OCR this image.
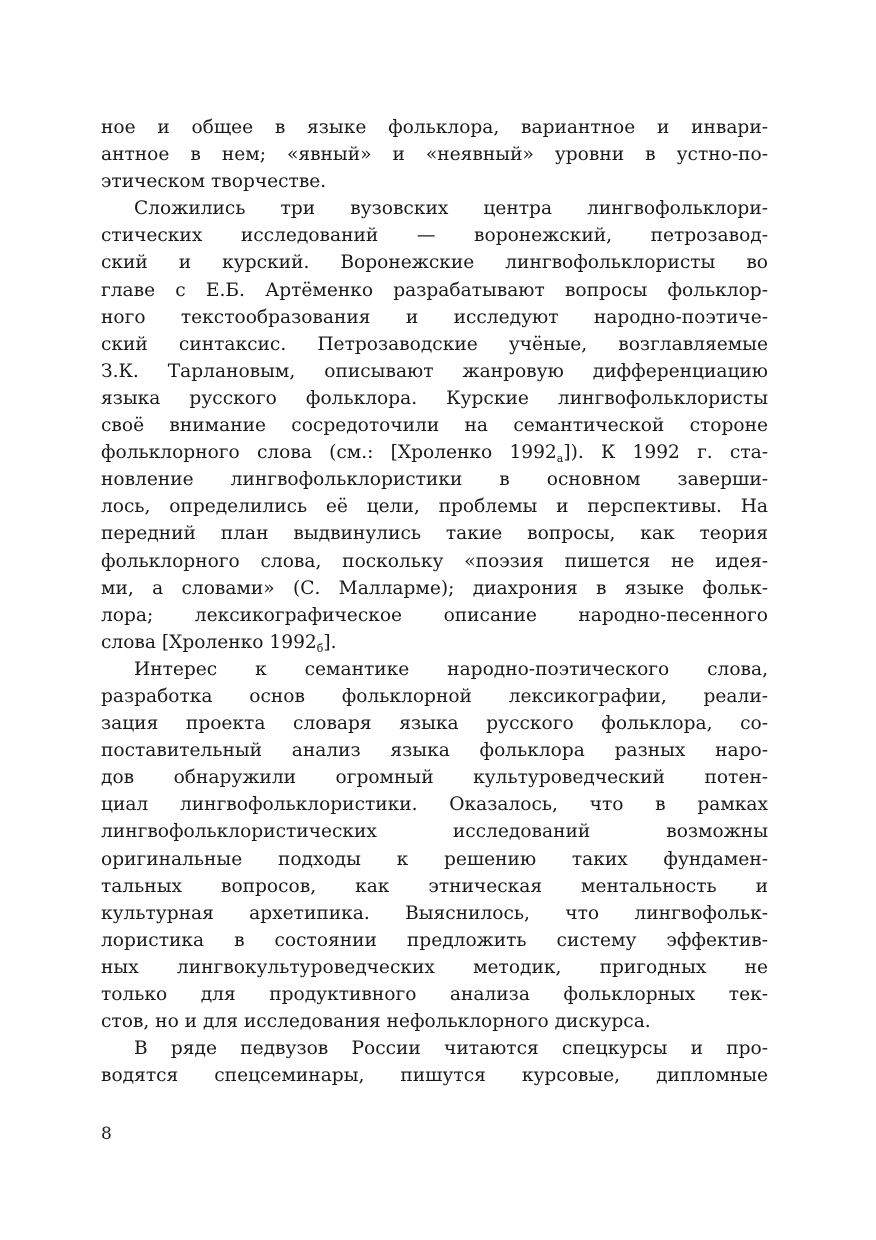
ное и общее в языке фольклора, вариантное и инвари-
антное в нем; «явный» и «неявный» уровни в устно-по-
этическом творчестве.
Сложились три вузовских центра лингвофольклори-
стических исследований — воронежский, петрозавод-
ский и курский. Воронежские лингвофольклористы во
главе с Е.Б. Артёменко разрабатывают вопросы фольклор-
ного текстообразования и исследуют народно-поэтиче-
ский синтаксис. Петрозаводские учёные, возглавляемые
З.К. Тарлановым, описывают жанровую дифференциацию
языка русского фольклора. Курские лингвофольклористы
своё внимание сосредоточили на семантической стороне
фольклорного слова (см.: [Хроленко $1992_а$]). К 1992 г. ста-
новление лингвофольклористики в основном заверши-
лось, определились её цели, проблемы и перспективы. На
передний план выдвинулись такие вопросы, как теория
фольклорного слова, поскольку «поэзия пишется не идея-
ми, а словами» (С. Малларме); диахрония в языке фольк-
лора; лексикографическое описание народно-песенного
слова [Хроленко $1992_б$].
Интерес к семантике народно-поэтического слова,
разработка основ фольклорной лексикографии, реали-
зация проекта словаря языка русского фольклора, со-
поставительный анализ языка фольклора разных наро-
дов обнаружили огромный культуроведческий потен-
циал лингвофольклористики. Оказалось, что в рамках
лингвофольклористических исследований возможны
оригинальные подходы к решению таких фундамен-
тальных вопросов, как этническая ментальность и
культурная архетипика. Выяснилось, что лингвофольк-
лористика в состоянии предложить систему эффектив-
ных лингвокультуроведческих методик, пригодных не
только для продуктивного анализа фольклорных тек-
стов, но и для исследования нефольклорного дискурса.
В ряде педвузов России читаются спецкурсы и про-
водятся спецсеминары, пишутся курсовые, дипломные
8
